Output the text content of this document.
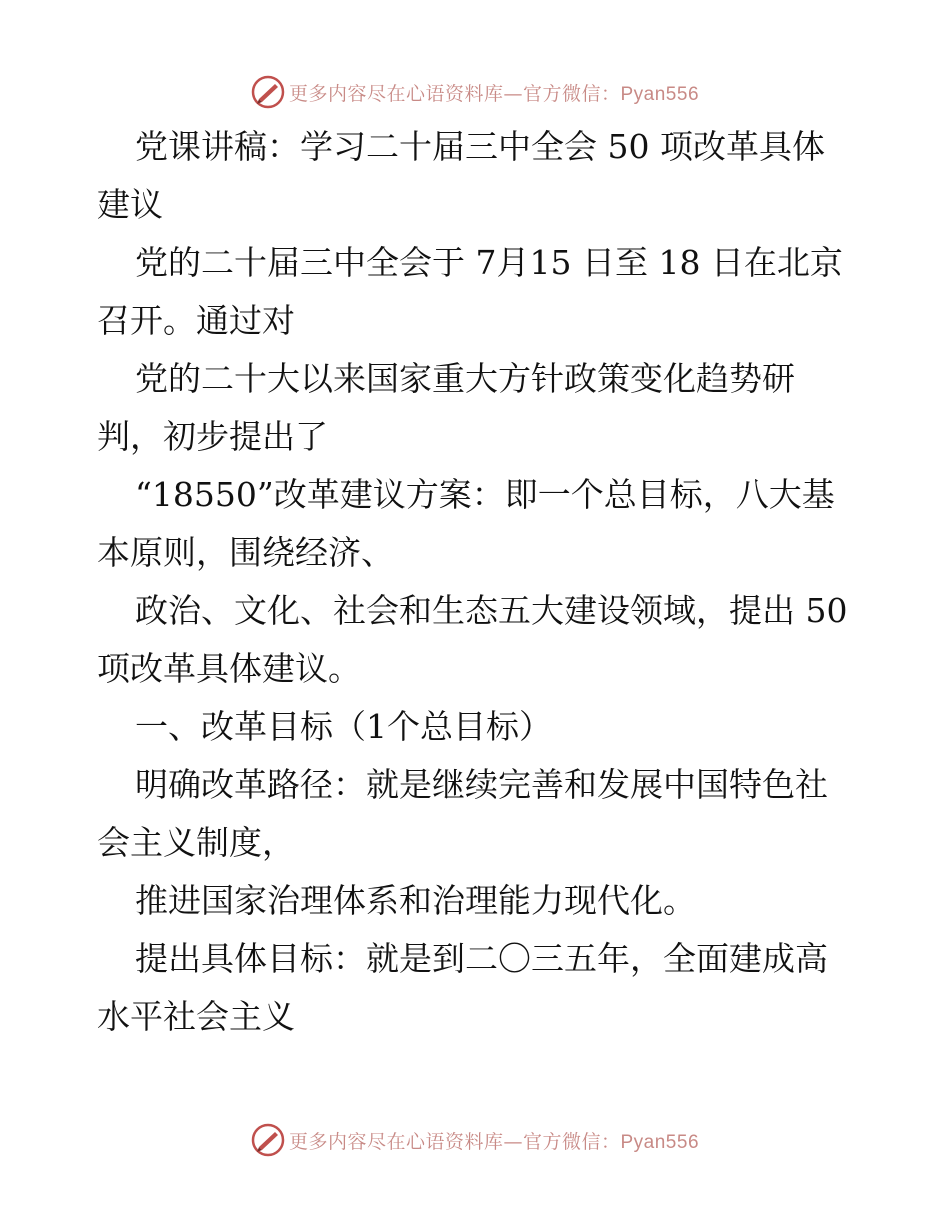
更多内容尽在心语资料库—官方微信：Pyan556

党课讲稿：学习二十届三中全会 50 项改革具体建议

党的二十届三中全会于 7月15 日至 18 日在北京召开。通过对

党的二十大以来国家重大方针政策变化趋势研判，初步提出了

“18550”改革建议方案：即一个总目标，八大基本原则，围绕经济、

政治、文化、社会和生态五大建设领域，提出 50 项改革具体建议。

一、改革目标（1个总目标）

明确改革路径：就是继续完善和发展中国特色社会主义制度，

推进国家治理体系和治理能力现代化。

提出具体目标：就是到二〇三五年，全面建成高水平社会主义

更多内容尽在心语资料库—官方微信：Pyan556
